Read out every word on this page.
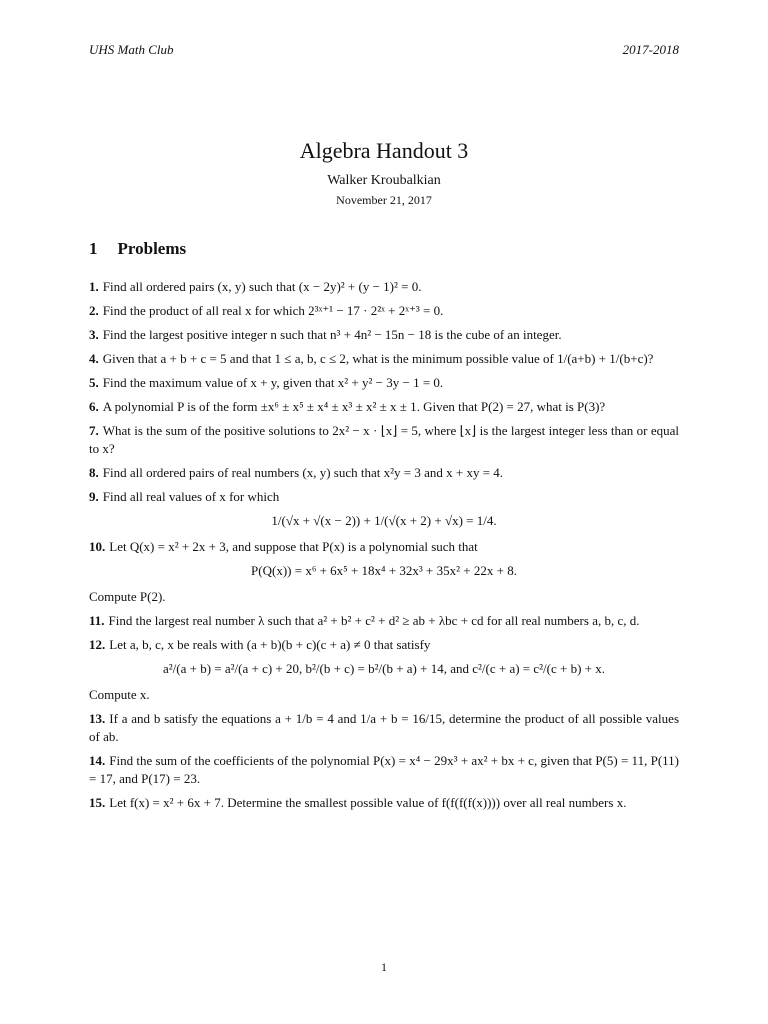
UHS Math Club	2017-2018
Algebra Handout 3
Walker Kroubalkian
November 21, 2017
1 Problems
1. Find all ordered pairs (x, y) such that (x − 2y)² + (y − 1)² = 0.
2. Find the product of all real x for which 2³ˣ⁺¹ − 17 · 2²ˣ + 2ˣ⁺³ = 0.
3. Find the largest positive integer n such that n³ + 4n² − 15n − 18 is the cube of an integer.
4. Given that a + b + c = 5 and that 1 ≤ a, b, c ≤ 2, what is the minimum possible value of 1/(a+b) + 1/(b+c)?
5. Find the maximum value of x + y, given that x² + y² − 3y − 1 = 0.
6. A polynomial P is of the form ±x⁶ ± x⁵ ± x⁴ ± x³ ± x² ± x ± 1. Given that P(2) = 27, what is P(3)?
7. What is the sum of the positive solutions to 2x² − x · ⌊x⌋ = 5, where ⌊x⌋ is the largest integer less than or equal to x?
8. Find all ordered pairs of real numbers (x, y) such that x²y = 3 and x + xy = 4.
9. Find all real values of x for which
1/(√x + √(x − 2)) + 1/(√(x + 2) + √x) = 1/4.
10. Let Q(x) = x² + 2x + 3, and suppose that P(x) is a polynomial such that
P(Q(x)) = x⁶ + 6x⁵ + 18x⁴ + 32x³ + 35x² + 22x + 8.
Compute P(2).
11. Find the largest real number λ such that a² + b² + c² + d² ≥ ab + λbc + cd for all real numbers a, b, c, d.
12. Let a, b, c, x be reals with (a + b)(b + c)(c + a) ≠ 0 that satisfy
a²/(a + b) = a²/(a + c) + 20, b²/(b + c) = b²/(b + a) + 14, and c²/(c + a) = c²/(c + b) + x.
Compute x.
13. If a and b satisfy the equations a + 1/b = 4 and 1/a + b = 16/15, determine the product of all possible values of ab.
14. Find the sum of the coefficients of the polynomial P(x) = x⁴ − 29x³ + ax² + bx + c, given that P(5) = 11, P(11) = 17, and P(17) = 23.
15. Let f(x) = x² + 6x + 7. Determine the smallest possible value of f(f(f(f(x)))) over all real numbers x.
1
